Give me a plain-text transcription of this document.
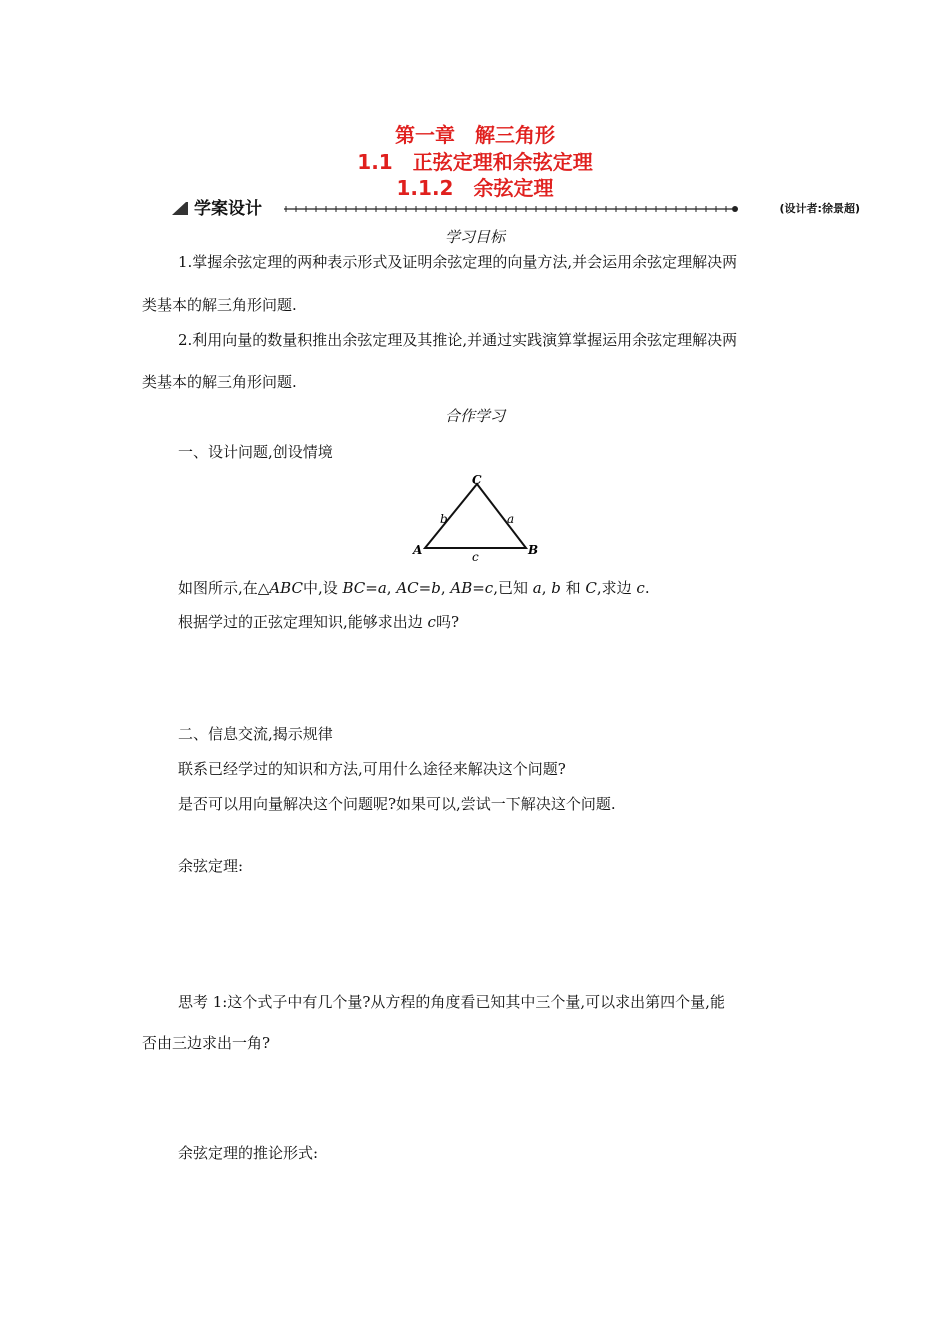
第一章　解三角形
1.1　正弦定理和余弦定理
1.1.2　余弦定理
学案设计	(设计者:徐景超)
学习目标
1.掌握余弦定理的两种表示形式及证明余弦定理的向量方法,并会运用余弦定理解决两
类基本的解三角形问题.
2.利用向量的数量积推出余弦定理及其推论,并通过实践演算掌握运用余弦定理解决两
类基本的解三角形问题.
合作学习
一、设计问题,创设情境
C
A	B
b	a
c
如图所示,在△ABC中,设 BC=a, AC=b, AB=c,已知 a, b 和 C,求边 c.
根据学过的正弦定理知识,能够求出边 c吗?
二、信息交流,揭示规律
联系已经学过的知识和方法,可用什么途径来解决这个问题?
是否可以用向量解决这个问题呢?如果可以,尝试一下解决这个问题.
余弦定理:
思考 1:这个式子中有几个量?从方程的角度看已知其中三个量,可以求出第四个量,能
否由三边求出一角?
余弦定理的推论形式:
